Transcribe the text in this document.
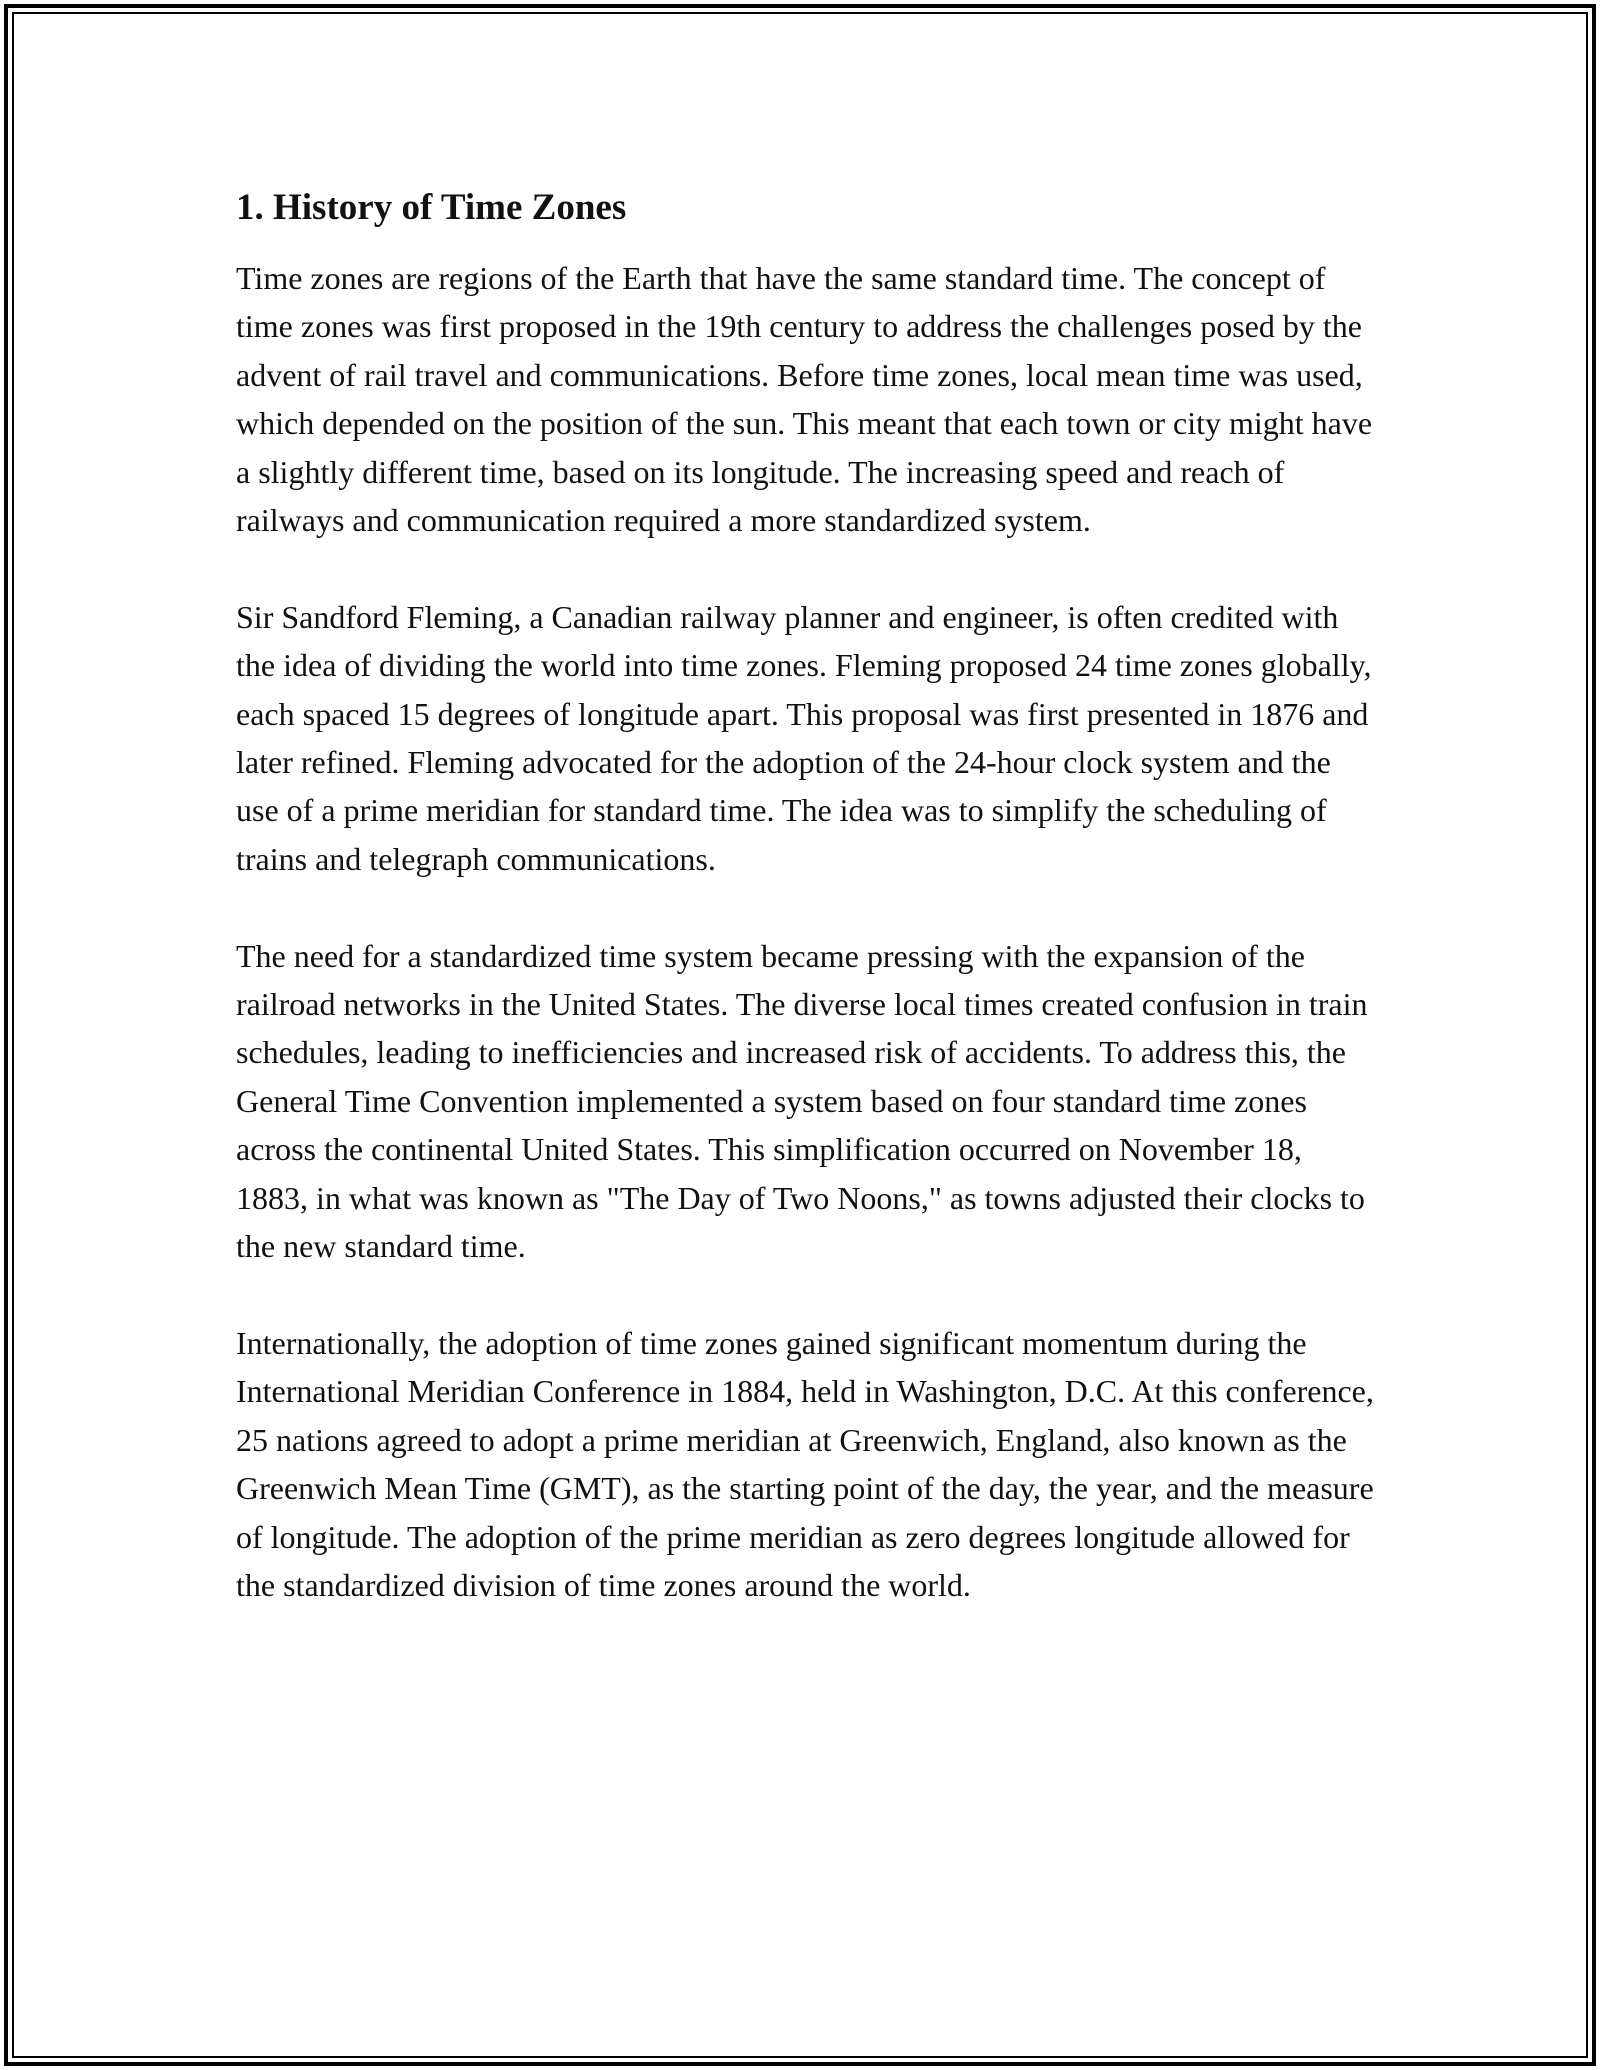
1. History of Time Zones

Time zones are regions of the Earth that have the same standard time. The concept of time zones was first proposed in the 19th century to address the challenges posed by the advent of rail travel and communications. Before time zones, local mean time was used, which depended on the position of the sun. This meant that each town or city might have a slightly different time, based on its longitude. The increasing speed and reach of railways and communication required a more standardized system.

Sir Sandford Fleming, a Canadian railway planner and engineer, is often credited with the idea of dividing the world into time zones. Fleming proposed 24 time zones globally, each spaced 15 degrees of longitude apart. This proposal was first presented in 1876 and later refined. Fleming advocated for the adoption of the 24-hour clock system and the use of a prime meridian for standard time. The idea was to simplify the scheduling of trains and telegraph communications.

The need for a standardized time system became pressing with the expansion of the railroad networks in the United States. The diverse local times created confusion in train schedules, leading to inefficiencies and increased risk of accidents. To address this, the General Time Convention implemented a system based on four standard time zones across the continental United States. This simplification occurred on November 18, 1883, in what was known as "The Day of Two Noons," as towns adjusted their clocks to the new standard time.

Internationally, the adoption of time zones gained significant momentum during the International Meridian Conference in 1884, held in Washington, D.C. At this conference, 25 nations agreed to adopt a prime meridian at Greenwich, England, also known as the Greenwich Mean Time (GMT), as the starting point of the day, the year, and the measure of longitude. The adoption of the prime meridian as zero degrees longitude allowed for the standardized division of time zones around the world.
